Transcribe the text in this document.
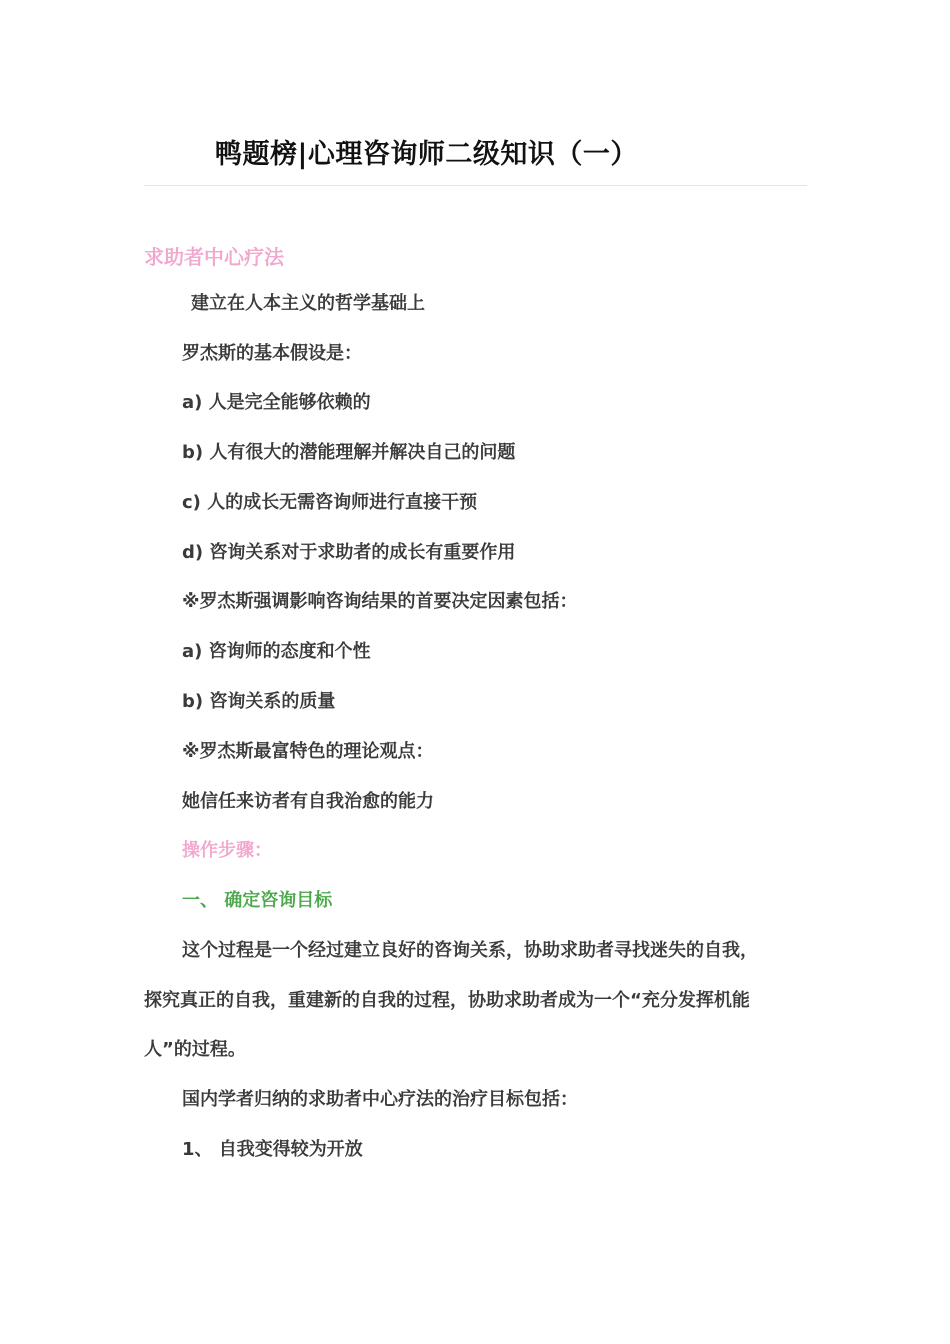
鸭题榜|心理咨询师二级知识（一）
求助者中心疗法
建立在人本主义的哲学基础上
罗杰斯的基本假设是：
a) 人是完全能够依赖的
b) 人有很大的潜能理解并解决自己的问题
c) 人的成长无需咨询师进行直接干预
d) 咨询关系对于求助者的成长有重要作用
※罗杰斯强调影响咨询结果的首要决定因素包括：
a) 咨询师的态度和个性
b) 咨询关系的质量
※罗杰斯最富特色的理论观点：
她信任来访者有自我治愈的能力
操作步骤：
一、 确定咨询目标
这个过程是一个经过建立良好的咨询关系，协助求助者寻找迷失的自我，
探究真正的自我，重建新的自我的过程，协助求助者成为一个“充分发挥机能
人”的过程。
国内学者归纳的求助者中心疗法的治疗目标包括：
1、 自我变得较为开放
